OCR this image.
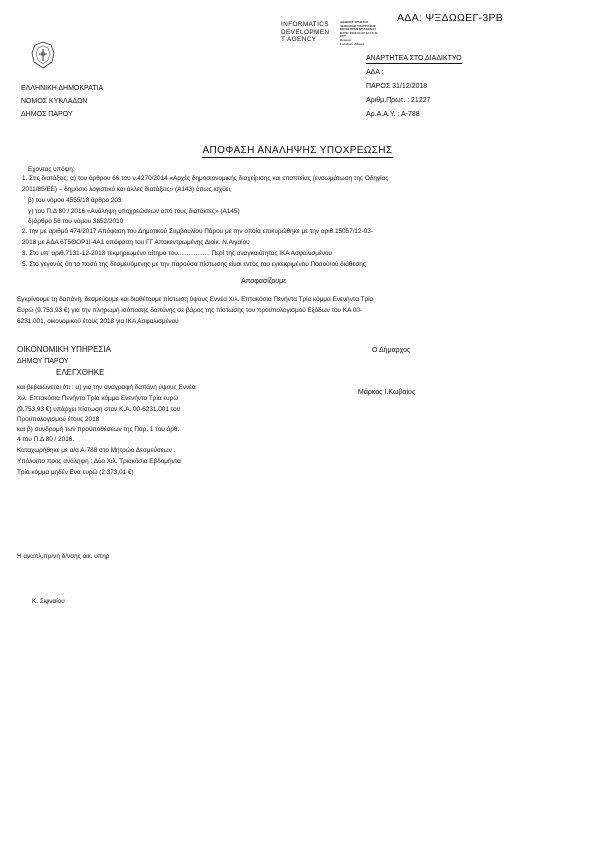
ΑΔΑ: ΨΞΔΩΩΕΓ-3ΡΒ
INFORMATICS
DEVELOPMEN
T AGENCY
ΔΙΕΘΝΟΣ ΧΡΗΣΤΟΣ
ΨΗΦΙΑΚΗΣ ΥΠΟΓΡΑΦΗΣ
DEVELOPMENT AGENCY
DATE: 2019.01.03 12:17:31
EET
Reason:
Location: Athens
ΑΝΑΡΤΗΤΕΑ ΣΤΟ ΔΙΑΔΙΚΤΥΟ
ΕΛΛΗΝΙΚΗ ΔΗΜΟΚΡΑΤΙΑ
ΝΟΜΟΣ ΚΥΚΛΑΔΩΝ
ΔΗΜΟΣ ΠΑΡΟΥ
ΑΔΑ :
ΠΑΡΟΣ 31/12/2018
Αριθμ.Πρωτ. : 21227
Αρ.Α.Α.Υ. : Α-788
ΑΠΟΦΑΣΗ ΑΝΑΛΗΨΗΣ ΥΠΟΧΡΕΩΣΗΣ
Εχοντας υπόψη:
1. Στις διατάξεις: α) του άρθρου 66 του ν.4270/2014 «Αρχές δημοσιονομικής διαχείρισης και εποπτείας (ενσωμάτωση της Οδηγίας
2011/85/ΕΕ) – δημόσιο λογιστικό και άλλες διατάξεις» (Α143) όπως ισχύει,
β) του νόμου 4555/18 άρθρο 203
γ) του Π.Δ 80 / 2016 «Ανάληψη υποχρεώσεων από τους διατάκτες» (Α145)
δ)άρθρο 58 του νόμου 3852/2010
2. την με αριθμό 474/2017 Απόφαση του Δημοτικού Συμβουλίου Πάρου με την οποία επικυρώθηκε με την αριθ.15057/12-03-
2018 με ΑΔΑ 6Τ5ΘΟΡ1Ι-4Α1 απόφαση του ΓΓ Αποκεντρωμένης Διοίκ. Ν.Αιγαίου
3. Στο υπ' αριθ.7131-12-2018 τεκμηριωμένο αίτημα του.................. Περί της αναγκαιότητας ΙΚΑ Ασφαλισμένου
5. Στο γεγονός ότι το ποσό της δεσμευόμενης με την παρούσα πίστωσης είναι εντός του εγκεκριμένου Ποσού/ού διάθεσης
Αποφασίζουμε
Εγκρίνουμε τη δαπάνη, δεσμεύουμε και διαθέτουμε πίστωση ύψους Εννέα Χιλ. Επτακόσια Πενήντα Τρία κόμμα Ενενήντα Τρία
Ευρώ (9.753,93 €) για την πληρωμή ισόποσης δαπάνης σε βάρος της πίστωσης του προϋπολογισμού Εξόδων του ΚΑ 00-
6231.001, οικονομικού έτους 2018 για ΙΚΑ Ασφαλισμένου
ΟΙΚΟΝΟΜΙΚΗ ΥΠΗΡΕΣΙΑ
ΔΗΜΟΥ ΠΑΡΟΥ
Ο Δήμαρχος
ΕΛΕΓΧΘΗΚΕ
Μάρκος Ι.Κωβαίος
και βεβαιώνεται ότι : α) για την αναγραφή δαπάνη ύψους Εννέα
Χιλ. Επτακόσια Πενήντα Τρία κόμμα Ενενήντα Τρία ευρώ
(9.753,93 €) υπάρχει πίστωση στον Κ.Α. 00-6231.001 του
Προϋπολογισμού έτους 2018
και β) συνδρομή των προϋποθέσεων της Παρ. 1 του άρθ.
4 του Π.Δ 80 / 2016.
Καταχωρήθηκε με α/α Α-788 στο Μητρώο Δεσμεύσεων .
Υπόλοιπο προς ανάληψη : Δύο Χιλ. Τριακόσια Εβδομήντα
Τρία κόμμα μηδέν Ενα ευρώ (2.373,01 €)
Η αναπλ.πρ/νη δ/νσης οικ. υπηρ
Κ. Σιφναίου
